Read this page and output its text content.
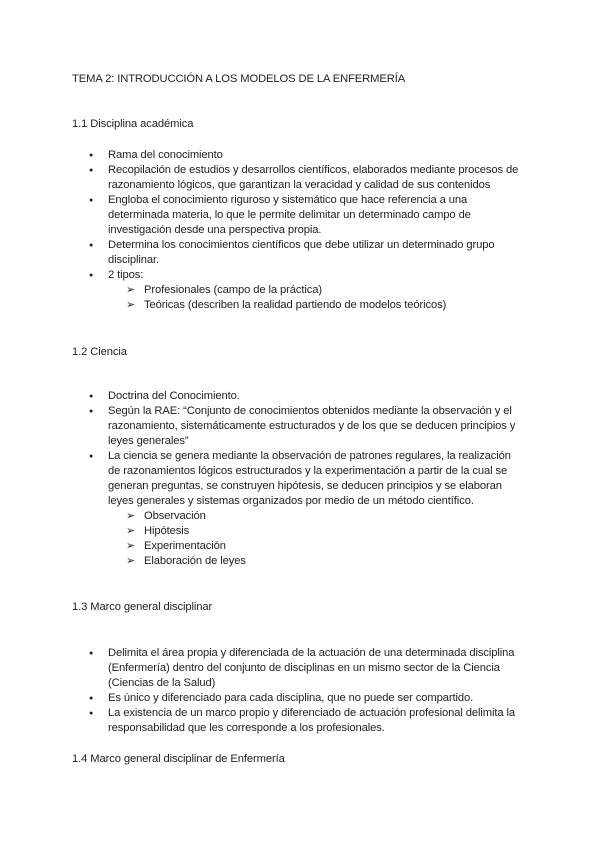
TEMA 2: INTRODUCCIÓN A LOS MODELOS DE LA ENFERMERÍA
1.1 Disciplina académica
● Rama del conocimiento
● Recopilación de estudios y desarrollos científicos, elaborados mediante procesos de razonamiento lógicos, que garantizan la veracidad y calidad de sus contenidos
● Engloba el conocimiento riguroso y sistemático que hace referencia a una determinada materia, lo que le permite delimitar un determinado campo de investigación desde una perspectiva propia.
● Determina los conocimientos científicos que debe utilizar un determinado grupo disciplinar.
● 2 tipos:
➢ Profesionales (campo de la práctica)
➢ Teóricas (describen la realidad partiendo de modelos teóricos)
1.2 Ciencia
● Doctrina del Conocimiento.
● Según la RAE: “Conjunto de conocimientos obtenidos mediante la observación y el razonamiento, sistemáticamente estructurados y de los que se deducen principios y leyes generales”
● La ciencia se genera mediante la observación de patrones regulares, la realización de razonamientos lógicos estructurados y la experimentación a partir de la cual se generan preguntas, se construyen hipótesis, se deducen principios y se elaboran leyes generales y sistemas organizados por medio de un método científico.
➢ Observación
➢ Hipótesis
➢ Experimentación
➢ Elaboración de leyes
1.3 Marco general disciplinar
● Delimita el área propia y diferenciada de la actuación de una determinada disciplina (Enfermería) dentro del conjunto de disciplinas en un mismo sector de la Ciencia (Ciencias de la Salud)
● Es único y diferenciado para cada disciplina, que no puede ser compartido.
● La existencia de un marco propio y diferenciado de actuación profesional delimita la responsabilidad que les corresponde a los profesionales.
1.4 Marco general disciplinar de Enfermería
